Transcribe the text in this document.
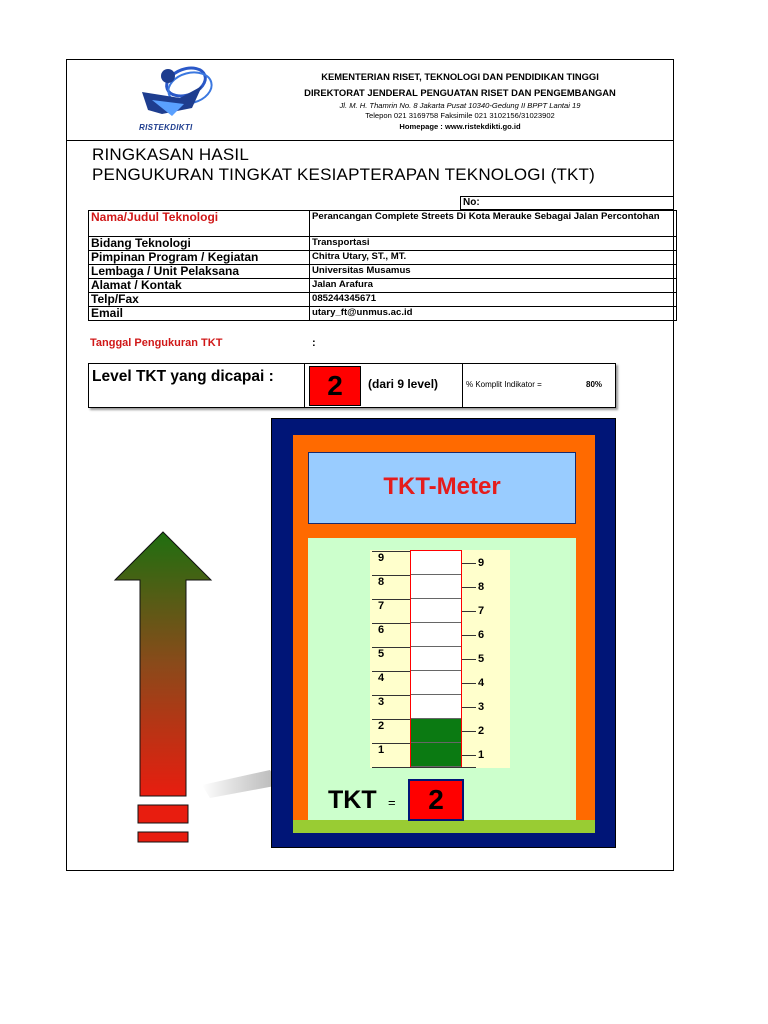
RISTEKDIKTI
KEMENTERIAN RISET, TEKNOLOGI DAN PENDIDIKAN TINGGI
DIREKTORAT JENDERAL PENGUATAN RISET DAN PENGEMBANGAN
Jl. M. H. Thamrin No. 8 Jakarta Pusat 10340-Gedung II BPPT Lantai 19
Telepon 021 3169758 Faksimile 021 3102156/31023902
Homepage : www.ristekdikti.go.id
RINGKASAN HASIL
PENGUKURAN TINGKAT KESIAPTERAPAN TEKNOLOGI (TKT)
No:
Nama/Judul Teknologi	Perancangan Complete Streets Di Kota Merauke Sebagai Jalan Percontohan
Bidang Teknologi	Transportasi
Pimpinan Program / Kegiatan	Chitra Utary, ST., MT.
Lembaga / Unit Pelaksana	Universitas Musamus
Alamat / Kontak	Jalan Arafura
Telp/Fax	085244345671
Email	utary_ft@unmus.ac.id
Tanggal Pengukuran TKT	:
Level TKT yang dicapai :	2	(dari 9 level)	% Komplit Indikator =	80%
TKT-Meter
9	9
8	8
7	7
6	6
5	5
4	4
3	3
2	2
1	1
TKT =	2
